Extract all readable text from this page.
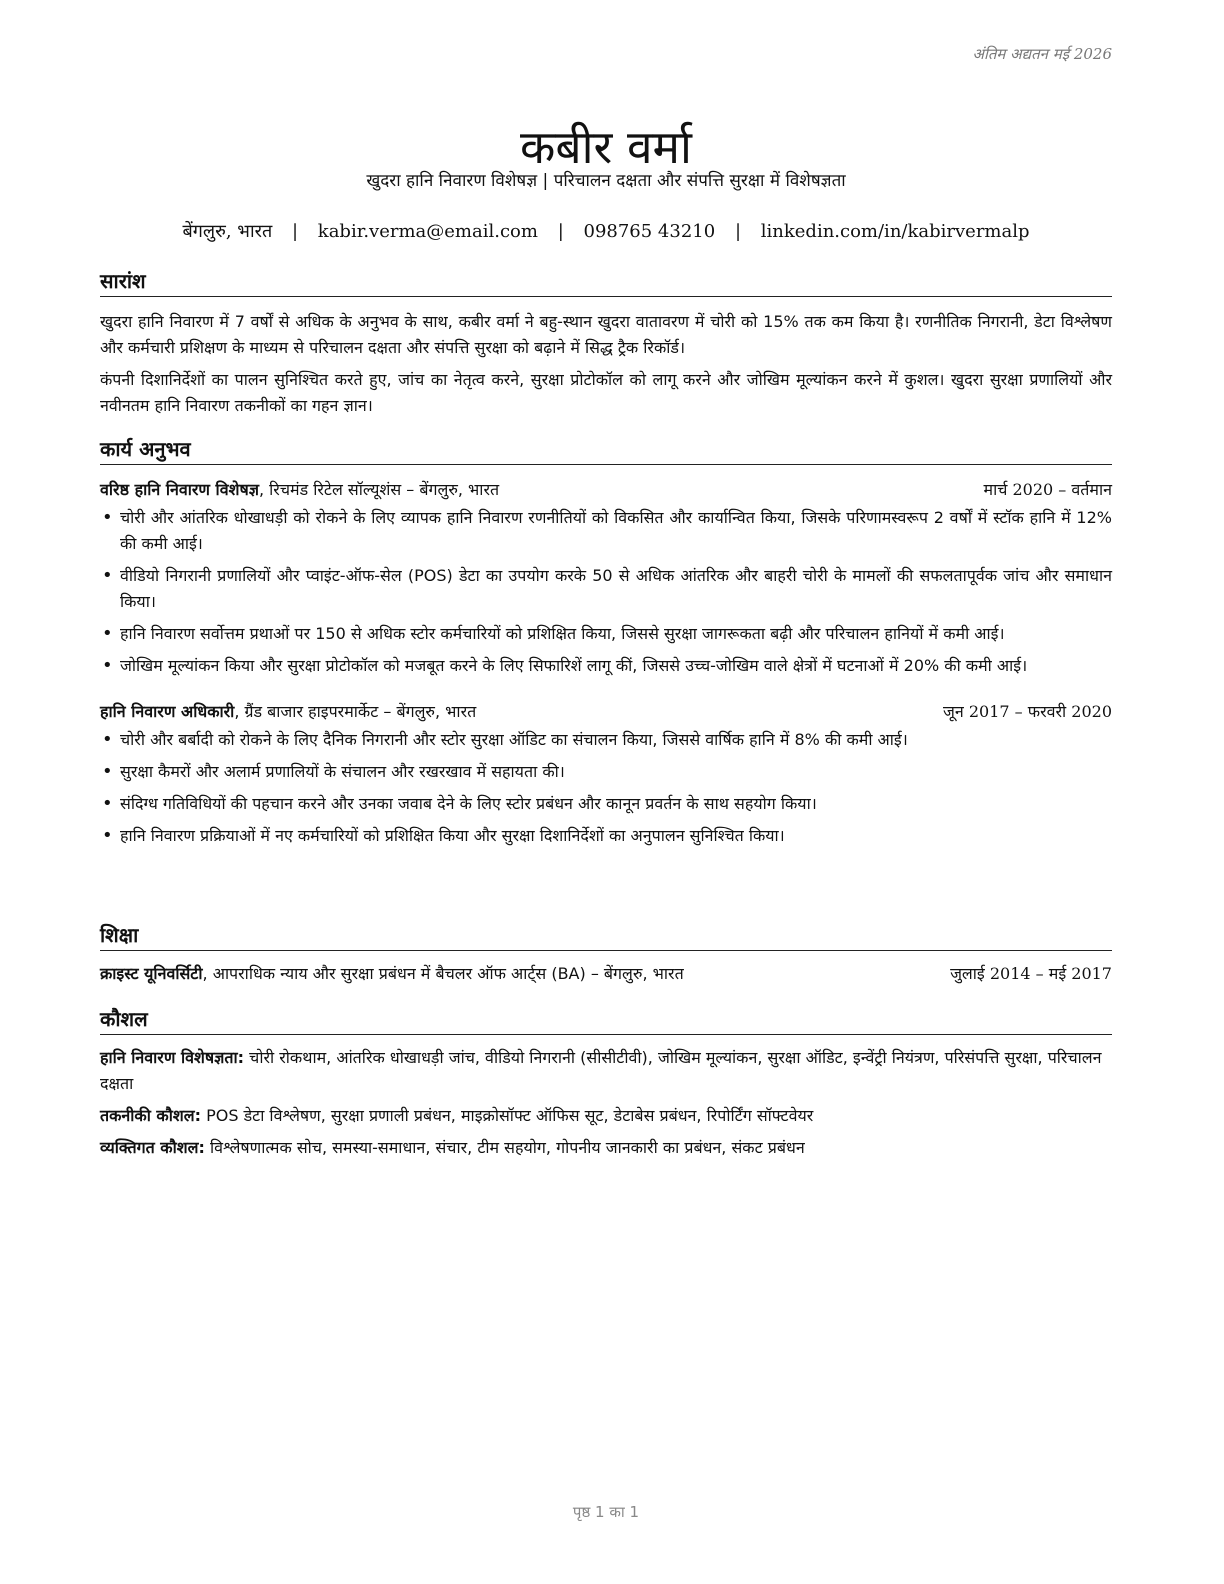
अंतिम अद्यतन मई 2026
कबीर वर्मा
खुदरा हानि निवारण विशेषज्ञ | परिचालन दक्षता और संपत्ति सुरक्षा में विशेषज्ञता
बेंगलुरु, भारत | kabir.verma@email.com | 098765 43210 | linkedin.com/in/kabirvermalp
सारांश

खुदरा हानि निवारण में 7 वर्षों से अधिक के अनुभव के साथ, कबीर वर्मा ने बहु-स्थान खुदरा वातावरण में चोरी को 15% तक कम किया है। रणनीतिक निगरानी, डेटा विश्लेषण और कर्मचारी प्रशिक्षण के माध्यम से परिचालन दक्षता और संपत्ति सुरक्षा को बढ़ाने में सिद्ध ट्रैक रिकॉर्ड।

कंपनी दिशानिर्देशों का पालन सुनिश्चित करते हुए, जांच का नेतृत्व करने, सुरक्षा प्रोटोकॉल को लागू करने और जोखिम मूल्यांकन करने में कुशल। खुदरा सुरक्षा प्रणालियों और नवीनतम हानि निवारण तकनीकों का गहन ज्ञान।

कार्य अनुभव
वरिष्ठ हानि निवारण विशेषज्ञ, रिचमंड रिटेल सॉल्यूशंस – बेंगलुरु, भारत	मार्च 2020 – वर्तमान
• चोरी और आंतरिक धोखाधड़ी को रोकने के लिए व्यापक हानि निवारण रणनीतियों को विकसित और कार्यान्वित किया, जिसके परिणामस्वरूप 2 वर्षों में स्टॉक हानि में 12% की कमी आई।
• वीडियो निगरानी प्रणालियों और प्वाइंट-ऑफ-सेल (POS) डेटा का उपयोग करके 50 से अधिक आंतरिक और बाहरी चोरी के मामलों की सफलतापूर्वक जांच और समाधान किया।
• हानि निवारण सर्वोत्तम प्रथाओं पर 150 से अधिक स्टोर कर्मचारियों को प्रशिक्षित किया, जिससे सुरक्षा जागरूकता बढ़ी और परिचालन हानियों में कमी आई।
• जोखिम मूल्यांकन किया और सुरक्षा प्रोटोकॉल को मजबूत करने के लिए सिफारिशें लागू कीं, जिससे उच्च-जोखिम वाले क्षेत्रों में घटनाओं में 20% की कमी आई।
हानि निवारण अधिकारी, ग्रैंड बाजार हाइपरमार्केट – बेंगलुरु, भारत	जून 2017 – फरवरी 2020
• चोरी और बर्बादी को रोकने के लिए दैनिक निगरानी और स्टोर सुरक्षा ऑडिट का संचालन किया, जिससे वार्षिक हानि में 8% की कमी आई।
• सुरक्षा कैमरों और अलार्म प्रणालियों के संचालन और रखरखाव में सहायता की।
• संदिग्ध गतिविधियों की पहचान करने और उनका जवाब देने के लिए स्टोर प्रबंधन और कानून प्रवर्तन के साथ सहयोग किया।
• हानि निवारण प्रक्रियाओं में नए कर्मचारियों को प्रशिक्षित किया और सुरक्षा दिशानिर्देशों का अनुपालन सुनिश्चित किया।
शिक्षा
क्राइस्ट यूनिवर्सिटी, आपराधिक न्याय और सुरक्षा प्रबंधन में बैचलर ऑफ आर्ट्स (BA) – बेंगलुरु, भारत	जुलाई 2014 – मई 2017
कौशल

हानि निवारण विशेषज्ञता: चोरी रोकथाम, आंतरिक धोखाधड़ी जांच, वीडियो निगरानी (सीसीटीवी), जोखिम मूल्यांकन, सुरक्षा ऑडिट, इन्वेंट्री नियंत्रण, परिसंपत्ति सुरक्षा, परिचालन दक्षता

तकनीकी कौशल: POS डेटा विश्लेषण, सुरक्षा प्रणाली प्रबंधन, माइक्रोसॉफ्ट ऑफिस सूट, डेटाबेस प्रबंधन, रिपोर्टिंग सॉफ्टवेयर

व्यक्तिगत कौशल: विश्लेषणात्मक सोच, समस्या-समाधान, संचार, टीम सहयोग, गोपनीय जानकारी का प्रबंधन, संकट प्रबंधन

पृष्ठ 1 का 1
